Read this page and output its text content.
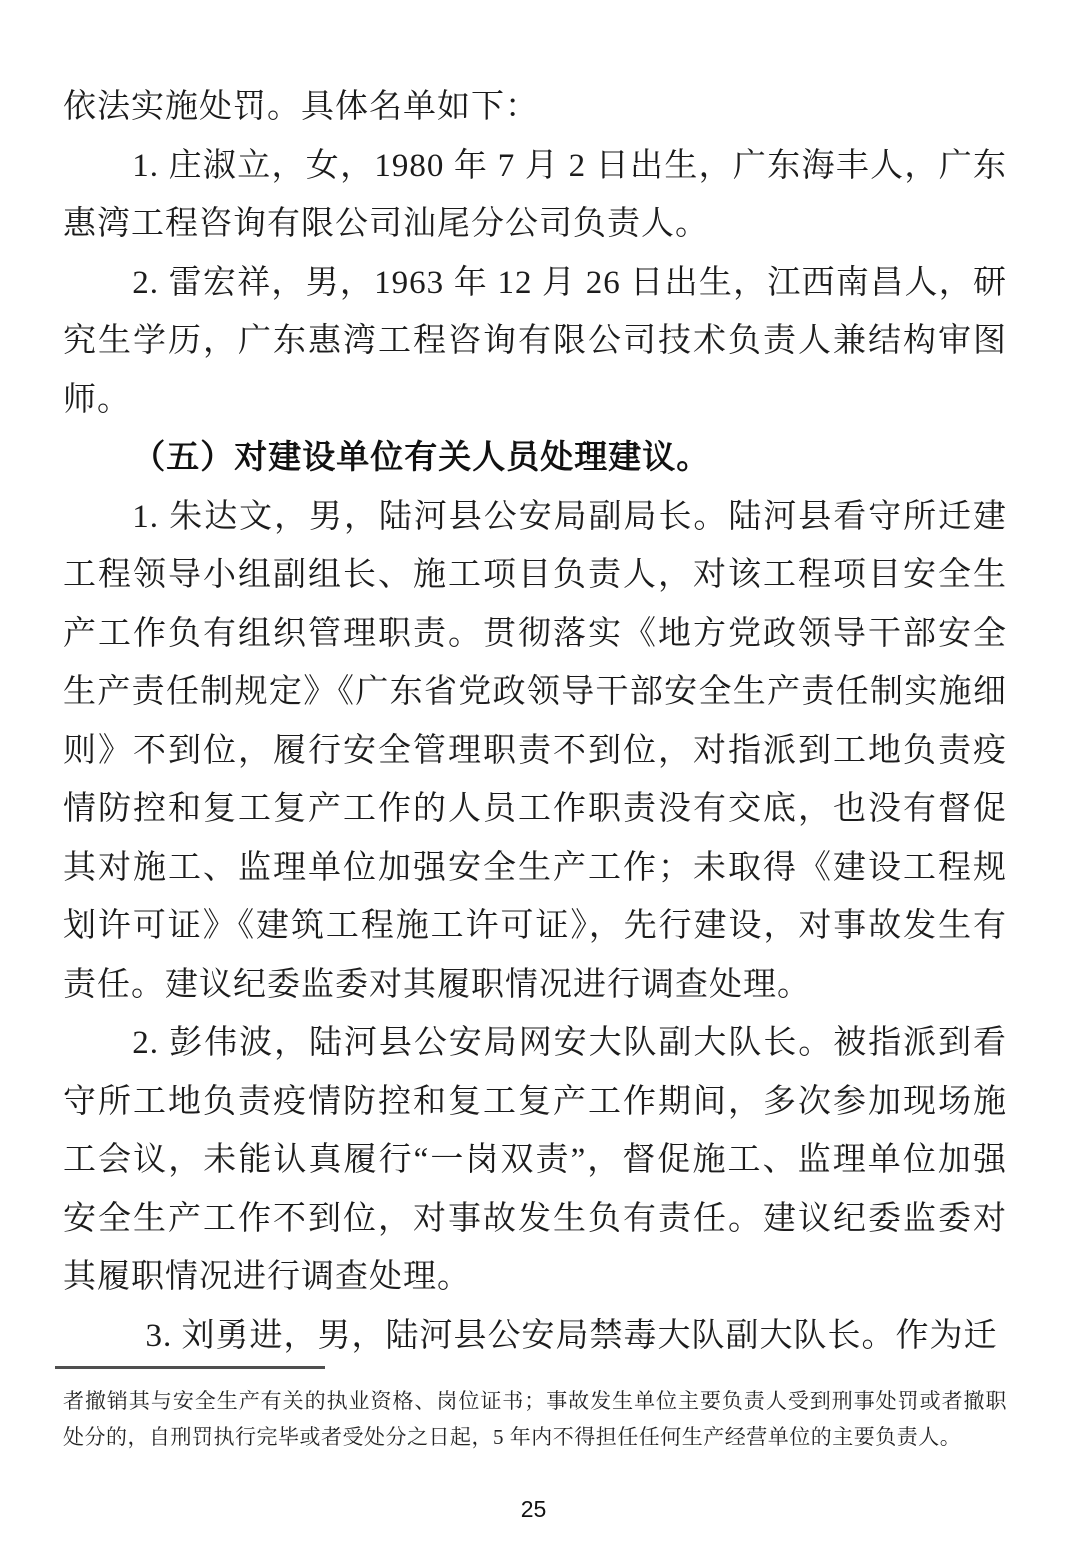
依法实施处罚。具体名单如下：

1. 庄淑立，女，1980 年 7 月 2 日出生，广东海丰人，广东惠湾工程咨询有限公司汕尾分公司负责人。

2. 雷宏祥，男，1963 年 12 月 26 日出生，江西南昌人，研究生学历，广东惠湾工程咨询有限公司技术负责人兼结构审图师。

（五）对建设单位有关人员处理建议。

1. 朱达文，男，陆河县公安局副局长。陆河县看守所迁建工程领导小组副组长、施工项目负责人，对该工程项目安全生产工作负有组织管理职责。贯彻落实《地方党政领导干部安全生产责任制规定》《广东省党政领导干部安全生产责任制实施细则》不到位，履行安全管理职责不到位，对指派到工地负责疫情防控和复工复产工作的人员工作职责没有交底，也没有督促其对施工、监理单位加强安全生产工作；未取得《建设工程规划许可证》《建筑工程施工许可证》，先行建设，对事故发生有责任。建议纪委监委对其履职情况进行调查处理。

2. 彭伟波，陆河县公安局网安大队副大队长。被指派到看守所工地负责疫情防控和复工复产工作期间，多次参加现场施工会议，未能认真履行“一岗双责”，督促施工、监理单位加强安全生产工作不到位，对事故发生负有责任。建议纪委监委对其履职情况进行调查处理。

3. 刘勇进，男，陆河县公安局禁毒大队副大队长。作为迁

者撤销其与安全生产有关的执业资格、岗位证书；事故发生单位主要负责人受到刑事处罚或者撤职处分的，自刑罚执行完毕或者受处分之日起，5 年内不得担任任何生产经营单位的主要负责人。
25
